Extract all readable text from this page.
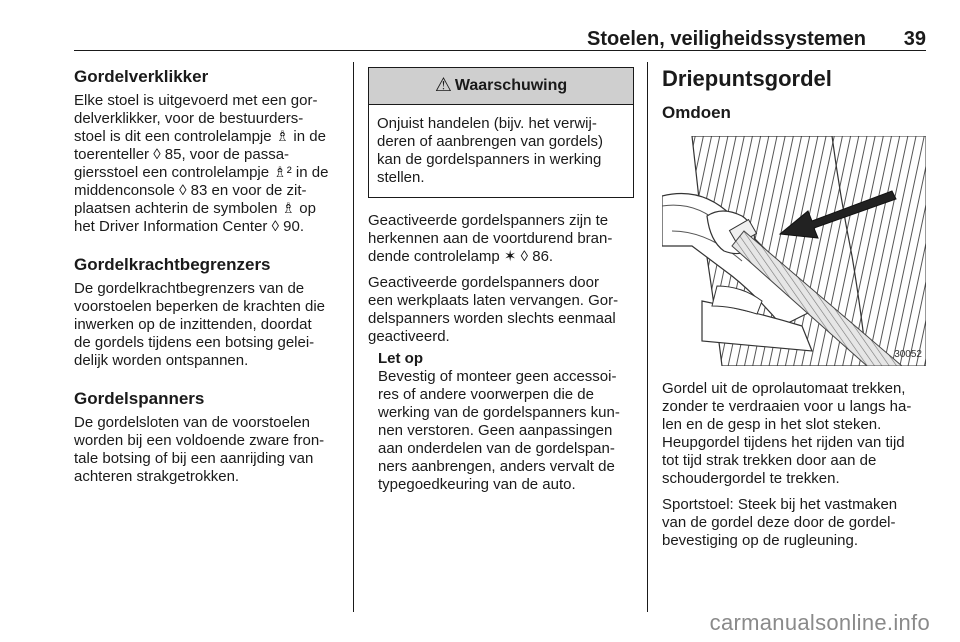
Stoelen, veiligheidssystemen	39
Gordelverklikker

Elke stoel is uitgevoerd met een gor-
delverklikker, voor de bestuurders-
stoel is dit een controlelampje ♗ in de
toerenteller ◊ 85, voor de passa-
giersstoel een controlelampje ♗² in de
middenconsole ◊ 83 en voor de zit-
plaatsen achterin de symbolen ♗ op
het Driver Information Center ◊ 90.

Gordelkrachtbegrenzers

De gordelkrachtbegrenzers van de
voorstoelen beperken de krachten die
inwerken op de inzittenden, doordat
de gordels tijdens een botsing gelei-
delijk worden ontspannen.

Gordelspanners

De gordelsloten van de voorstoelen
worden bij een voldoende zware fron-
tale botsing of bij een aanrijding van
achteren strakgetrokken.

⚠ Waarschuwing
Onjuist handelen (bijv. het verwij-
deren of aanbrengen van gordels)
kan de gordelspanners in werking
stellen.

Geactiveerde gordelspanners zijn te
herkennen aan de voortdurend bran-
dende controlelamp ✶ ◊ 86.

Geactiveerde gordelspanners door
een werkplaats laten vervangen. Gor-
delspanners worden slechts eenmaal
geactiveerd.

Let op
Bevestig of monteer geen accessoi-
res of andere voorwerpen die de
werking van de gordelspanners kun-
nen verstoren. Geen aanpassingen
aan onderdelen van de gordelspan-
ners aanbrengen, anders vervalt de
typegoedkeuring van de auto.
Driepuntsgordel
Omdoen
30052

Gordel uit de oprolautomaat trekken,
zonder te verdraaien voor u langs ha-
len en de gesp in het slot steken.
Heupgordel tijdens het rijden van tijd
tot tijd strak trekken door aan de
schoudergordel te trekken.

Sportstoel: Steek bij het vastmaken
van de gordel deze door de gordel-
bevestiging op de rugleuning.

carmanualsonline.info
